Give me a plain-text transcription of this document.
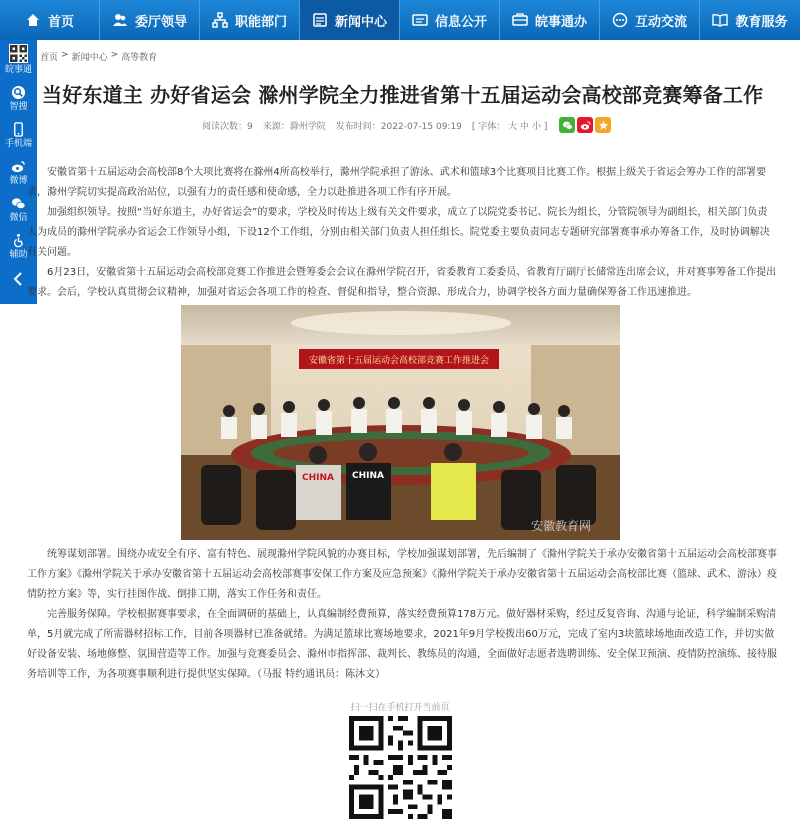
首页	委厅领导	职能部门	新闻中心	信息公开	皖事通办	互动交流	教育服务
皖事通
智搜
手机端
微博
微信
辅助
首页 > 新闻中心 > 高等教育
当好东道主 办好省运会 滁州学院全力推进省第十五届运动会高校部竞赛筹备工作
阅读次数：9 来源：滁州学院 发布时间：2022-07-15 09:19 [ 字体： 大 中 小 ]

安徽省第十五届运动会高校部8个大项比赛将在滁州4所高校举行，滁州学院承担了游泳、武术和篮球3个比赛项目比赛工作。根据上级关于省运会筹办工作的部署要求，滁州学院切实提高政治站位，以强有力的责任感和使命感，全力以赴推进各项工作有序开展。

加强组织领导。按照“当好东道主，办好省运会”的要求，学校及时传达上级有关文件要求，成立了以院党委书记、院长为组长，分管院领导为副组长，相关部门负责人为成员的滁州学院承办省运会工作领导小组，下设12个工作组，分别由相关部门负责人担任组长。院党委主要负责同志专题研究部署赛事承办筹备工作，及时协调解决有关问题。

6月23日，安徽省第十五届运动会高校部竞赛工作推进会暨筹委会会议在滁州学院召开，省委教育工委委员、省教育厅副厅长储常连出席会议，并对赛事筹备工作提出要求。会后，学校认真贯彻会议精神，加强对省运会各项工作的检查、督促和指导，整合资源、形成合力，协调学校各方面力量确保筹备工作迅速推进。

安徽省第十五届运动会高校部竞赛工作推进会
CHINA CHINA
安徽教育网

统筹谋划部署。围绕办成安全有序、富有特色、展现滁州学院风貌的办赛目标，学校加强谋划部署，先后编制了《滁州学院关于承办安徽省第十五届运动会高校部赛事工作方案》《滁州学院关于承办安徽省第十五届运动会高校部赛事安保工作方案及应急预案》《滁州学院关于承办安徽省第十五届运动会高校部比赛（篮球、武术、游泳）疫情防控方案》等，实行挂图作战、倒排工期，落实工作任务和责任。

完善服务保障。学校根据赛事要求，在全面调研的基础上，认真编制经费预算，落实经费预算178万元。做好器材采购，经过反复咨询、沟通与论证，科学编制采购清单，5月就完成了所需器材招标工作，目前各项器材已准备就绪。为满足篮球比赛场地要求，2021年9月学校拨出60万元，完成了室内3块篮球场地面改造工作，并切实做好设备安装、场地修整、氛围营造等工作。加强与竞赛委员会、滁州市指挥部、裁判长、教练员的沟通，全面做好志愿者选聘训练、安全保卫预演、疫情防控演练、接待服务培训等工作，为各项赛事顺利进行提供坚实保障。（马报 特约通讯员：陈沐文）

扫一扫在手机打开当前页
